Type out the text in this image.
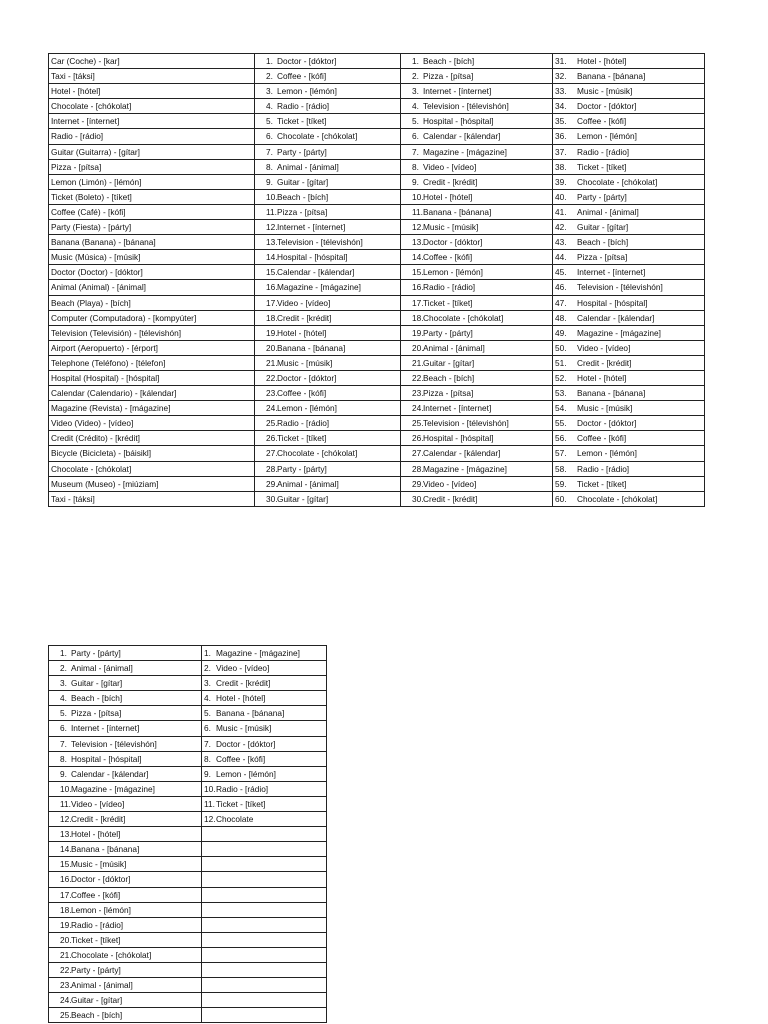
Car (Coche) - [kar]	1. Doctor - [dóktor]	1. Beach - [bích]	31. Hotel - [hótel]
Taxi - [táksi]	2. Coffee - [kófi]	2. Pizza - [pítsa]	32. Banana - [bánana]
Hotel - [hótel]	3. Lemon - [lémón]	3. Internet - [ínternet]	33. Music - [músik]
Chocolate - [chókolat]	4. Radio - [rádio]	4. Television - [télevishón]	34. Doctor - [dóktor]
Internet - [ínternet]	5. Ticket - [tíket]	5. Hospital - [hóspital]	35. Coffee - [kófi]
Radio - [rádio]	6. Chocolate - [chókolat]	6. Calendar - [kálendar]	36. Lemon - [lémón]
Guitar (Guitarra) - [gítar]	7. Party - [párty]	7. Magazine - [mágazine]	37. Radio - [rádio]
Pizza - [pítsa]	8. Animal - [ánimal]	8. Video - [vídeo]	38. Ticket - [tíket]
Lemon (Limón) - [lémón]	9. Guitar - [gítar]	9. Credit - [krédit]	39. Chocolate - [chókolat]
Ticket (Boleto) - [tíket]	10.Beach - [bích]	10.Hotel - [hótel]	40. Party - [párty]
Coffee (Café) - [kófi]	11.Pizza - [pítsa]	11.Banana - [bánana]	41. Animal - [ánimal]
Party (Fiesta) - [párty]	12.Internet - [ínternet]	12.Music - [músik]	42. Guitar - [gítar]
Banana (Banana) - [bánana]	13.Television - [télevishón]	13.Doctor - [dóktor]	43. Beach - [bích]
Music (Música) - [músik]	14.Hospital - [hóspital]	14.Coffee - [kófi]	44. Pizza - [pítsa]
Doctor (Doctor) - [dóktor]	15.Calendar - [kálendar]	15.Lemon - [lémón]	45. Internet - [ínternet]
Animal (Animal) - [ánimal]	16.Magazine - [mágazine]	16.Radio - [rádio]	46. Television - [télevishón]
Beach (Playa) - [bích]	17.Video - [vídeo]	17.Ticket - [tíket]	47. Hospital - [hóspital]
Computer (Computadora) - [kompyúter]	18.Credit - [krédit]	18.Chocolate - [chókolat]	48. Calendar - [kálendar]
Television (Televisión) - [télevishón]	19.Hotel - [hótel]	19.Party - [párty]	49. Magazine - [mágazine]
Airport (Aeropuerto) - [érport]	20.Banana - [bánana]	20.Animal - [ánimal]	50. Video - [vídeo]
Telephone (Teléfono) - [télefon]	21.Music - [músik]	21.Guitar - [gítar]	51. Credit - [krédit]
Hospital (Hospital) - [hóspital]	22.Doctor - [dóktor]	22.Beach - [bích]	52. Hotel - [hótel]
Calendar (Calendario) - [kálendar]	23.Coffee - [kófi]	23.Pizza - [pítsa]	53. Banana - [bánana]
Magazine (Revista) - [mágazine]	24.Lemon - [lémón]	24.Internet - [ínternet]	54. Music - [músik]
Video (Video) - [vídeo]	25.Radio - [rádio]	25.Television - [télevishón]	55. Doctor - [dóktor]
Credit (Crédito) - [krédit]	26.Ticket - [tíket]	26.Hospital - [hóspital]	56. Coffee - [kófi]
Bicycle (Bicicleta) - [báisikl]	27.Chocolate - [chókolat]	27.Calendar - [kálendar]	57. Lemon - [lémón]
Chocolate - [chókolat]	28.Party - [párty]	28.Magazine - [mágazine]	58. Radio - [rádio]
Museum (Museo) - [miúziam]	29.Animal - [ánimal]	29.Video - [vídeo]	59. Ticket - [tíket]
Taxi - [táksi]	30.Guitar - [gítar]	30.Credit - [krédit]	60. Chocolate - [chókolat]
1. Party - [párty]	1. Magazine - [mágazine]
2. Animal - [ánimal]	2. Video - [vídeo]
3. Guitar - [gítar]	3. Credit - [krédit]
4. Beach - [bích]	4. Hotel - [hótel]
5. Pizza - [pítsa]	5. Banana - [bánana]
6. Internet - [ínternet]	6. Music - [músik]
7. Television - [télevishón]	7. Doctor - [dóktor]
8. Hospital - [hóspital]	8. Coffee - [kófi]
9. Calendar - [kálendar]	9. Lemon - [lémón]
10.Magazine - [mágazine]	10.Radio - [rádio]
11.Video - [vídeo]	11.Ticket - [tíket]
12.Credit - [krédit]	12.Chocolate
13.Hotel - [hótel]	
14.Banana - [bánana]	
15.Music - [músik]	
16.Doctor - [dóktor]	
17.Coffee - [kófi]	
18.Lemon - [lémón]	
19.Radio - [rádio]	
20.Ticket - [tíket]	
21.Chocolate - [chókolat]	
22.Party - [párty]	
23.Animal - [ánimal]	
24.Guitar - [gítar]	
25.Beach - [bích]	
